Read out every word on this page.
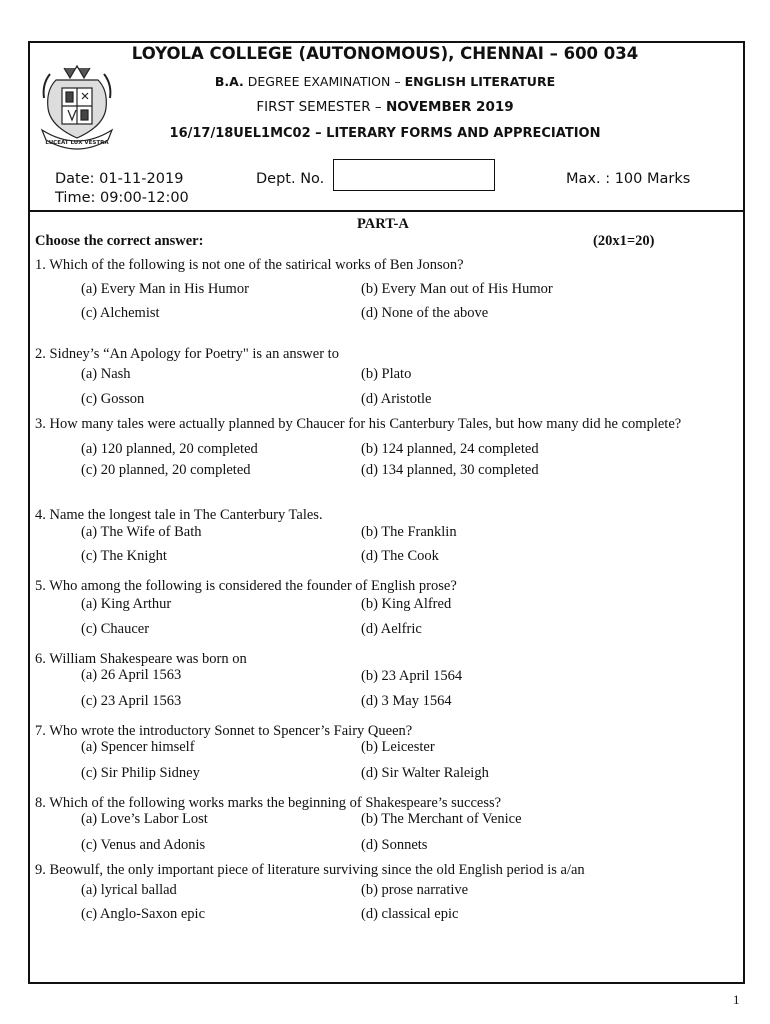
LUCEAT LUX VESTRA
LOYOLA COLLEGE (AUTONOMOUS), CHENNAI – 600 034
B.A. DEGREE EXAMINATION – ENGLISH LITERATURE
FIRST SEMESTER – NOVEMBER 2019
16/17/18UEL1MC02 – LITERARY FORMS AND APPRECIATION
Date: 01-11-2019
Time: 09:00-12:00
Dept. No.	Max. : 100 Marks
PART-A
Choose the correct answer:	(20x1=20)
1. Which of the following is not one of the satirical works of Ben Jonson?
(a) Every Man in His Humor	(b) Every Man out of His Humor
(c) Alchemist	(d) None of the above
2. Sidney’s “An Apology for Poetry" is an answer to
(a) Nash	(b) Plato
(c) Gosson	(d) Aristotle
3. How many tales were actually planned by Chaucer for his Canterbury Tales, but how many did he complete?
(a) 120 planned, 20 completed	(b) 124 planned, 24 completed
(c) 20 planned, 20 completed	(d) 134 planned, 30 completed
4. Name the longest tale in The Canterbury Tales.
(a) The Wife of Bath	(b) The Franklin
(c) The Knight	(d) The Cook
5. Who among the following is considered the founder of English prose?
(a) King Arthur	(b) King Alfred
(c) Chaucer	(d) Aelfric
6. William Shakespeare was born on
(a) 26 April 1563	(b) 23 April 1564
(c) 23 April 1563	(d) 3 May 1564
7. Who wrote the introductory Sonnet to Spencer’s Fairy Queen?
(a) Spencer himself	(b) Leicester
(c) Sir Philip Sidney	(d) Sir Walter Raleigh
8. Which of the following works marks the beginning of Shakespeare’s success?
(a) Love’s Labor Lost	(b) The Merchant of Venice
(c) Venus and Adonis	(d) Sonnets
9. Beowulf, the only important piece of literature surviving since the old English period is a/an
(a) lyrical ballad	(b) prose narrative
(c) Anglo-Saxon epic	(d) classical epic
1
